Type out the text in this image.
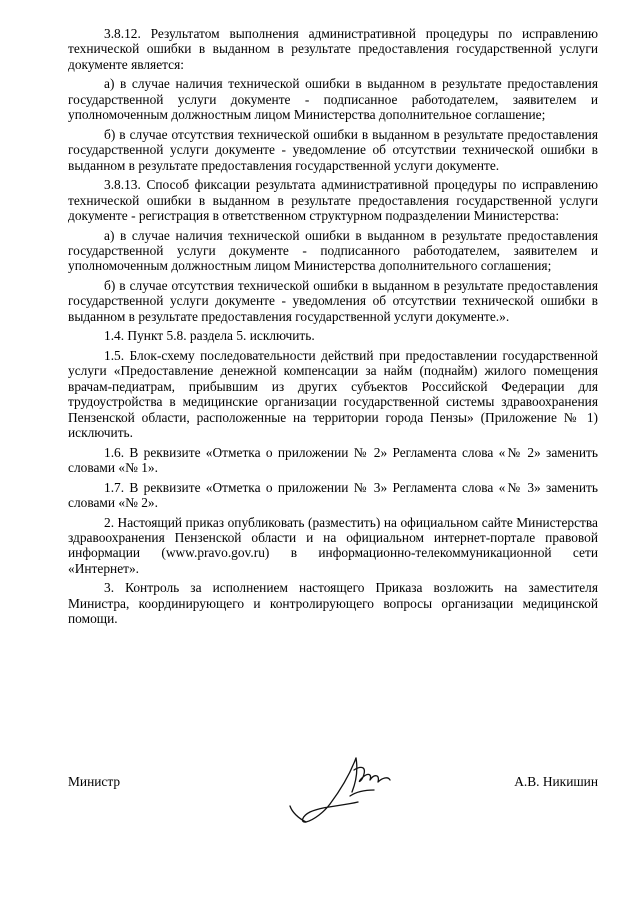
3.8.12. Результатом выполнения административной процедуры по исправлению технической ошибки в выданном в результате предоставления государственной услуги документе является:

а) в случае наличия технической ошибки в выданном в результате предоставления государственной услуги документе - подписанное работодателем, заявителем и уполномоченным должностным лицом Министерства дополнительное соглашение;

б) в случае отсутствия технической ошибки в выданном в результате предоставления государственной услуги документе - уведомление об отсутствии технической ошибки в выданном в результате предоставления государственной услуги документе.

3.8.13. Способ фиксации результата административной процедуры по исправлению технической ошибки в выданном в результате предоставления государственной услуги документе - регистрация в ответственном структурном подразделении Министерства:

а) в случае наличия технической ошибки в выданном в результате предоставления государственной услуги документе - подписанного работодателем, заявителем и уполномоченным должностным лицом Министерства дополнительного соглашения;

б) в случае отсутствия технической ошибки в выданном в результате предоставления государственной услуги документе - уведомления об отсутствии технической ошибки в выданном в результате предоставления государственной услуги документе.».

1.4. Пункт 5.8. раздела 5. исключить.

1.5. Блок-схему последовательности действий при предоставлении государственной услуги «Предоставление денежной компенсации за найм (поднайм) жилого помещения врачам-педиатрам, прибывшим из других субъектов Российской Федерации для трудоустройства в медицинские организации государственной системы здравоохранения Пензенской области, расположенные на территории города Пензы» (Приложение № 1) исключить.

1.6. В реквизите «Отметка о приложении № 2» Регламента слова «№ 2» заменить словами «№ 1».

1.7. В реквизите «Отметка о приложении № 3» Регламента слова «№ 3» заменить словами «№ 2».

2. Настоящий приказ опубликовать (разместить) на официальном сайте Министерства здравоохранения Пензенской области и на официальном интернет-портале правовой информации (www.pravo.gov.ru) в информационно-телекоммуникационной сети «Интернет».

3. Контроль за исполнением настоящего Приказа возложить на заместителя Министра, координирующего и контролирующего вопросы организации медицинской помощи.

Министр	А.В. Никишин
